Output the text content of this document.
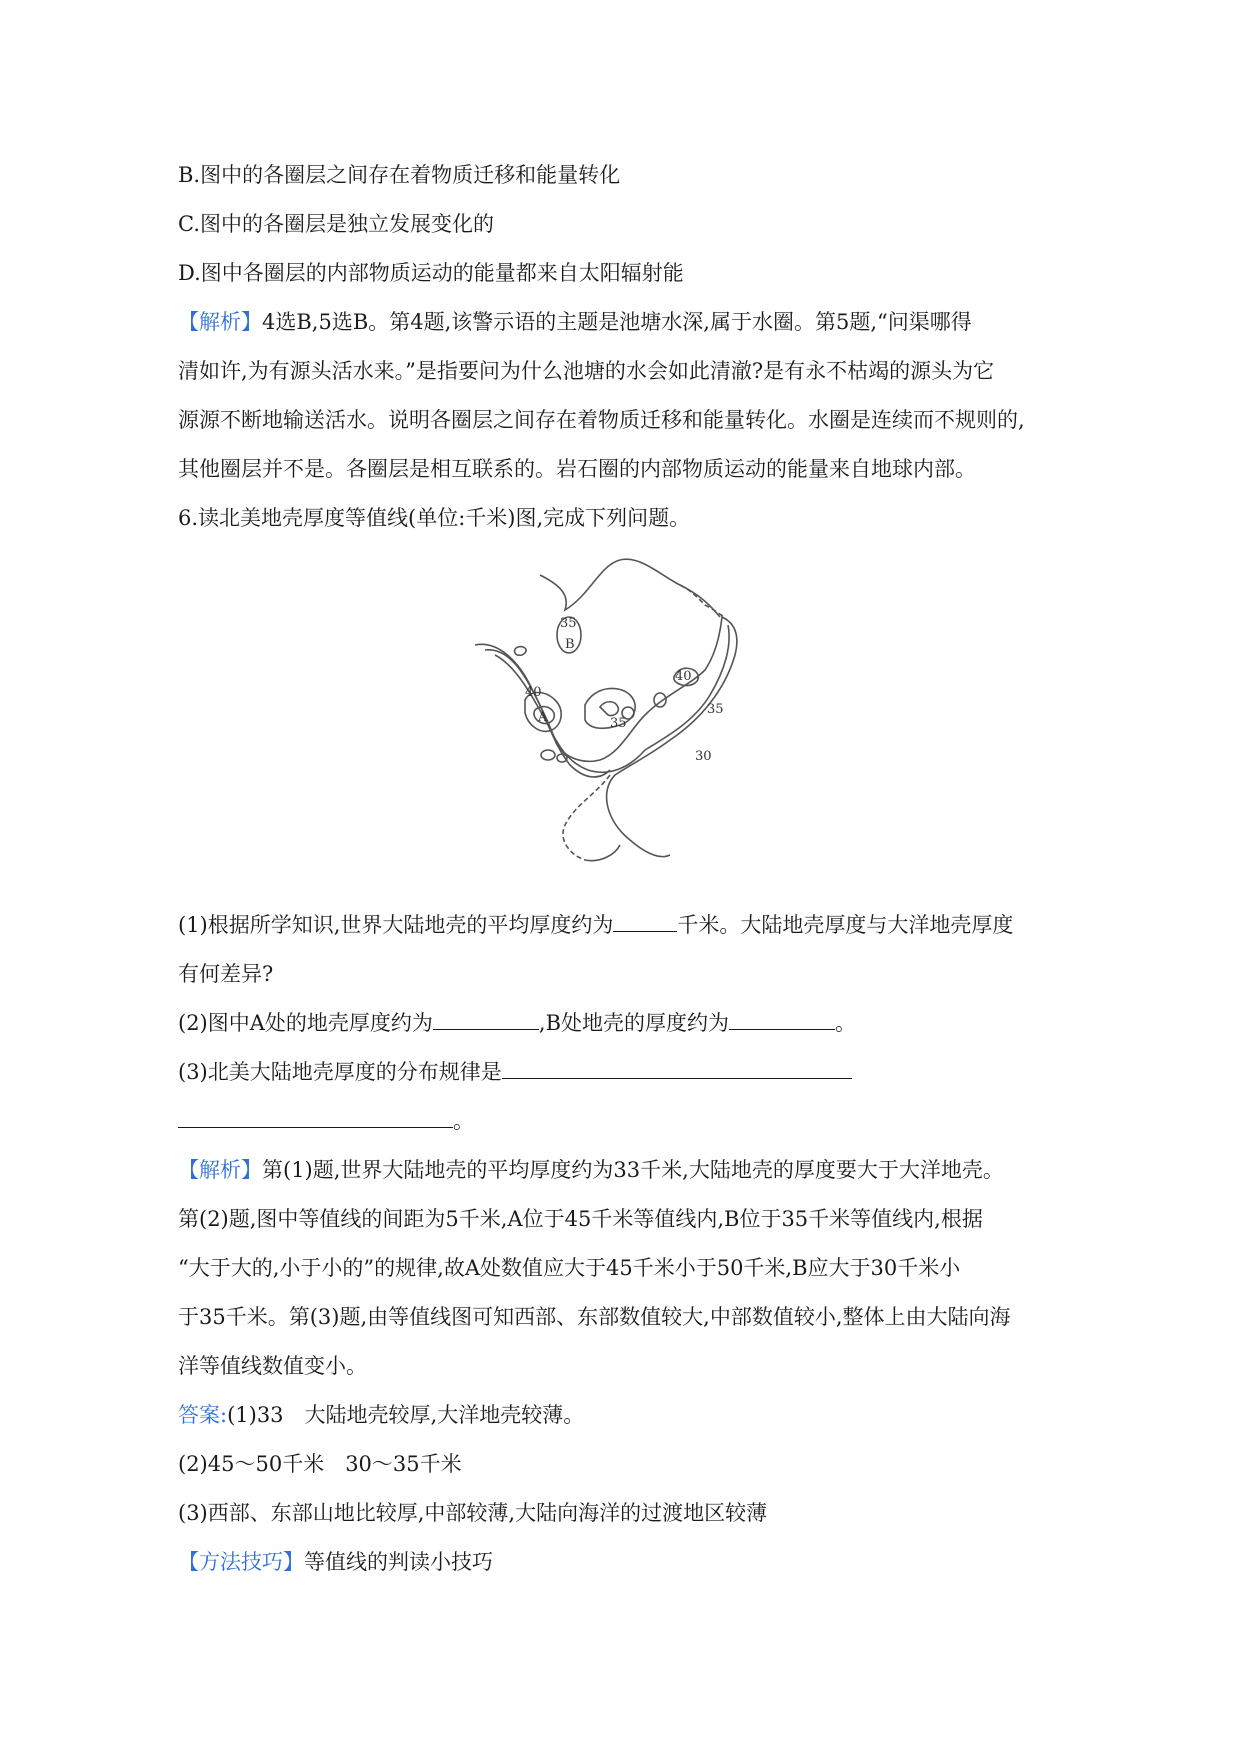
B.图中的各圈层之间存在着物质迁移和能量转化
C.图中的各圈层是独立发展变化的
D.图中各圈层的内部物质运动的能量都来自太阳辐射能
【解析】4选B,5选B。第4题,该警示语的主题是池塘水深,属于水圈。第5题,“问渠哪得
清如许,为有源头活水来。”是指要问为什么池塘的水会如此清澈?是有永不枯竭的源头为它
源源不断地输送活水。说明各圈层之间存在着物质迁移和能量转化。水圈是连续而不规则的,
其他圈层并不是。各圈层是相互联系的。岩石圈的内部物质运动的能量来自地球内部。
6.读北美地壳厚度等值线(单位:千米)图,完成下列问题。
35
B
40
A
40
35
35
30
(1)根据所学知识,世界大陆地壳的平均厚度约为	千米。大陆地壳厚度与大洋地壳厚度
有何差异?
(2)图中A处的地壳厚度约为	,B处地壳的厚度约为	。
(3)北美大陆地壳厚度的分布规律是
。
【解析】第(1)题,世界大陆地壳的平均厚度约为33千米,大陆地壳的厚度要大于大洋地壳。
第(2)题,图中等值线的间距为5千米,A位于45千米等值线内,B位于35千米等值线内,根据
“大于大的,小于小的”的规律,故A处数值应大于45千米小于50千米,B应大于30千米小
于35千米。第(3)题,由等值线图可知西部、东部数值较大,中部数值较小,整体上由大陆向海
洋等值线数值变小。
答案:(1)33　大陆地壳较厚,大洋地壳较薄。
(2)45～50千米　30～35千米
(3)西部、东部山地比较厚,中部较薄,大陆向海洋的过渡地区较薄
【方法技巧】等值线的判读小技巧
